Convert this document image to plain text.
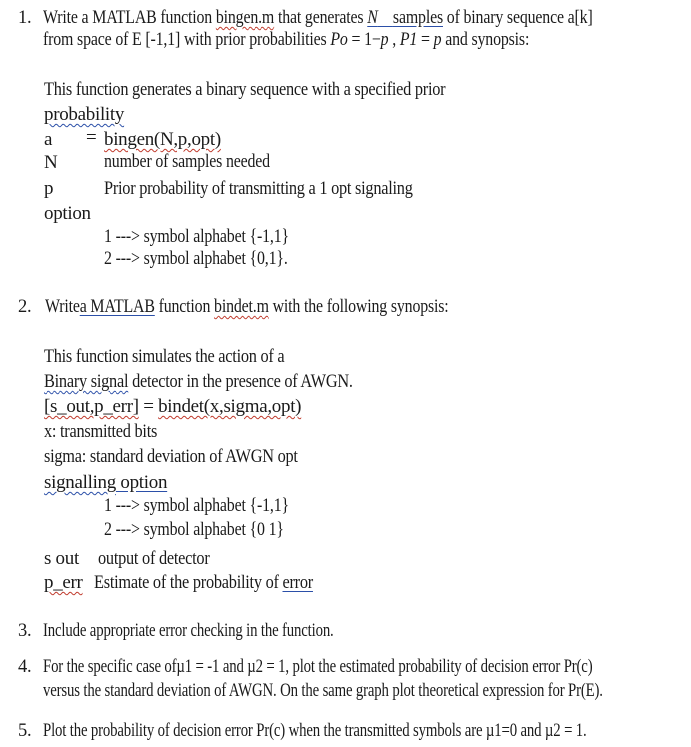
1. Write a MATLAB function bingen.m that generates N samples of binary sequence a[k]
from space of E [-1,1] with prior probabilities Po = 1−p , P1 = p and synopsis:
This function generates a binary sequence with a specified prior
probability
a = bingen(N,p,opt)
N	number of samples needed
p	Prior probability of transmitting a 1 opt signaling
option
1 ---> symbol alphabet {-1,1}
2 ---> symbol alphabet {0,1}.
2. Writea MATLAB function bindet.m with the following synopsis:
This function simulates the action of a
Binary signal detector in the presence of AWGN.
[s_out,p_err] = bindet(x,sigma,opt)
x: transmitted bits
sigma: standard deviation of AWGN opt
signalling option
1 ---> symbol alphabet {-1,1}
2 ---> symbol alphabet {0 1}
s out output of detector
p_err Estimate of the probability of error
3. Include appropriate error checking in the function.
4. For the specific case ofµ1 = -1 and µ2 = 1, plot the estimated probability of decision error Pr(c)
versus the standard deviation of AWGN. On the same graph plot theoretical expression for Pr(E).
5. Plot the probability of decision error Pr(c) when the transmitted symbols are µ1=0 and µ2 = 1.
